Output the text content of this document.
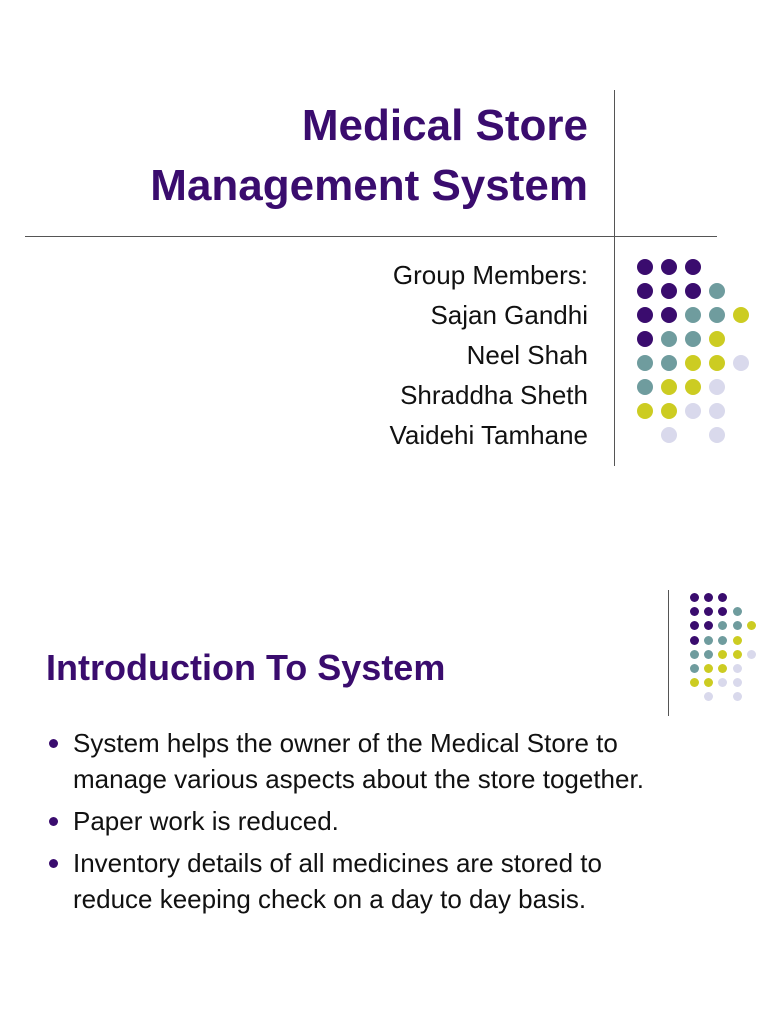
Medical Store
Management System
Group Members:
Sajan Gandhi
Neel Shah
Shraddha Sheth
Vaidehi Tamhane
Introduction To System
System helps the owner of the Medical Store to
manage various aspects about the store together.
Paper work is reduced.
Inventory details of all medicines are stored to
reduce keeping check on a day to day basis.
